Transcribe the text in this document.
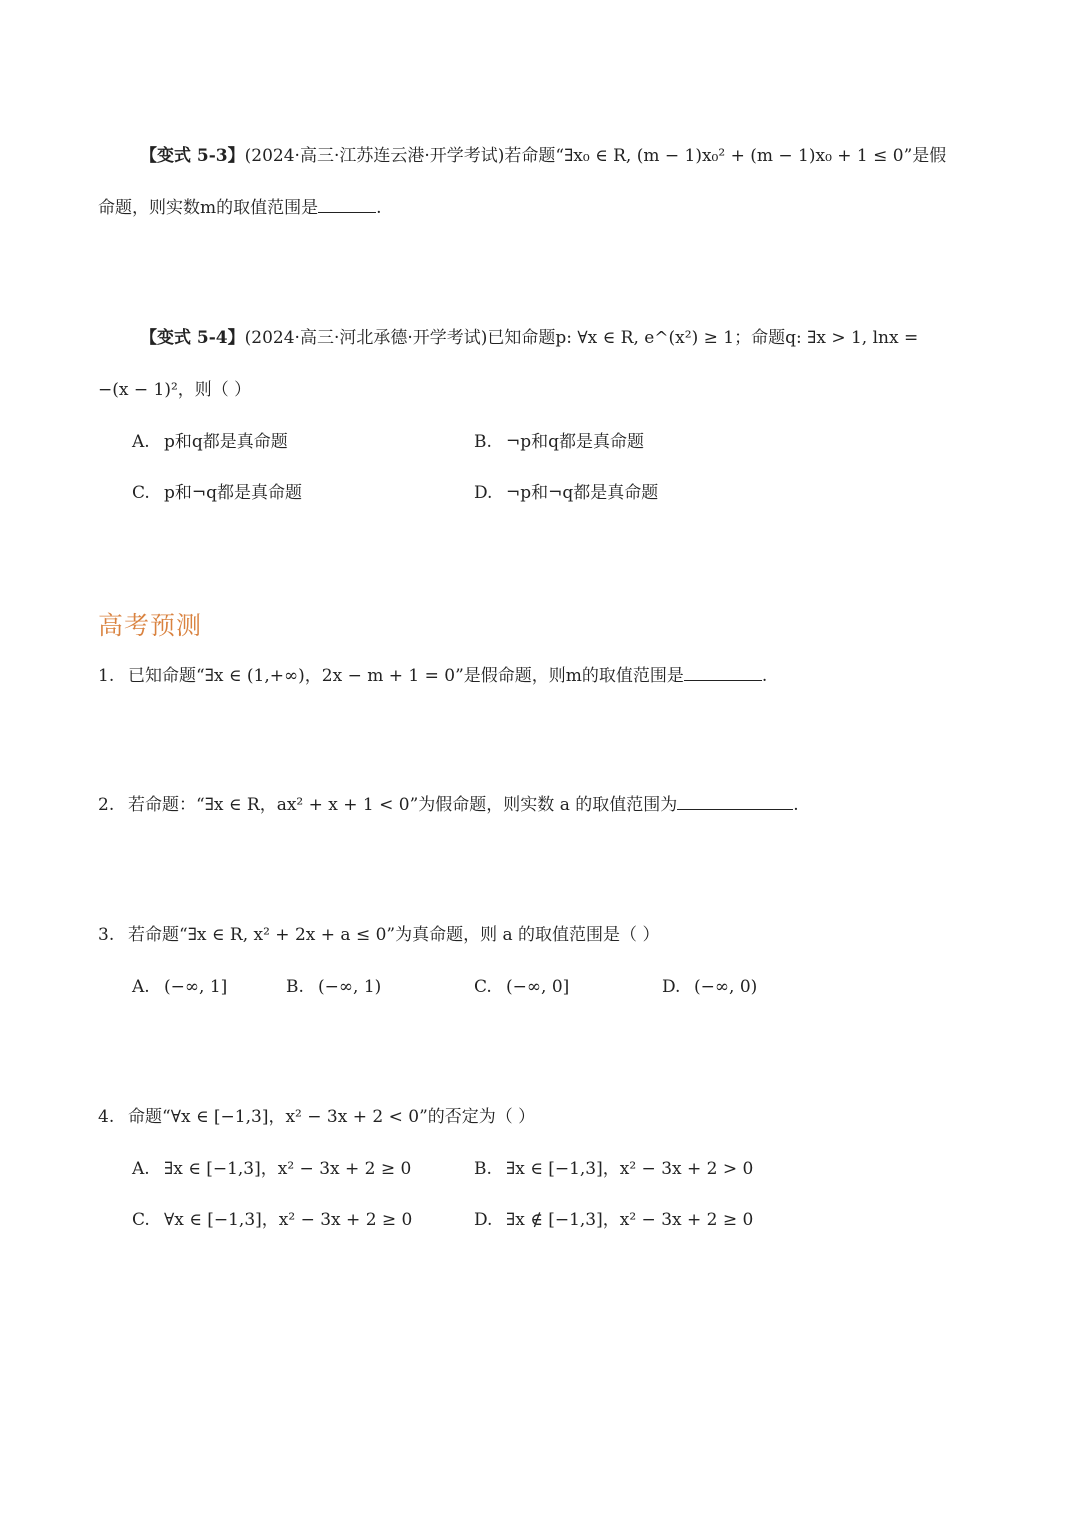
【变式 5-3】(2024·高三·江苏连云港·开学考试)若命题“∃x₀ ∈ R, (m − 1)x₀² + (m − 1)x₀ + 1 ≤ 0”是假
命题，则实数m的取值范围是	.
【变式 5-4】(2024·高三·河北承德·开学考试)已知命题p: ∀x ∈ R, e^(x²) ≥ 1；命题q: ∃x > 1, lnx =
−(x − 1)²，则（ ）
A. p和q都是真命题	B. ¬p和q都是真命题
C. p和¬q都是真命题	D. ¬p和¬q都是真命题
高考预测
1. 已知命题“∃x ∈ (1,+∞)，2x − m + 1 = 0”是假命题，则m的取值范围是	.
2. 若命题：“∃x ∈ R，ax² + x + 1 < 0”为假命题，则实数 a 的取值范围为	.
3. 若命题“∃x ∈ R, x² + 2x + a ≤ 0”为真命题，则 a 的取值范围是（ ）
A. (−∞, 1]	B. (−∞, 1)	C. (−∞, 0]	D. (−∞, 0)
4. 命题“∀x ∈ [−1,3]，x² − 3x + 2 < 0”的否定为（ ）
A. ∃x ∈ [−1,3]，x² − 3x + 2 ≥ 0	B. ∃x ∈ [−1,3]，x² − 3x + 2 > 0
C. ∀x ∈ [−1,3]，x² − 3x + 2 ≥ 0	D. ∃x ∉ [−1,3]，x² − 3x + 2 ≥ 0
